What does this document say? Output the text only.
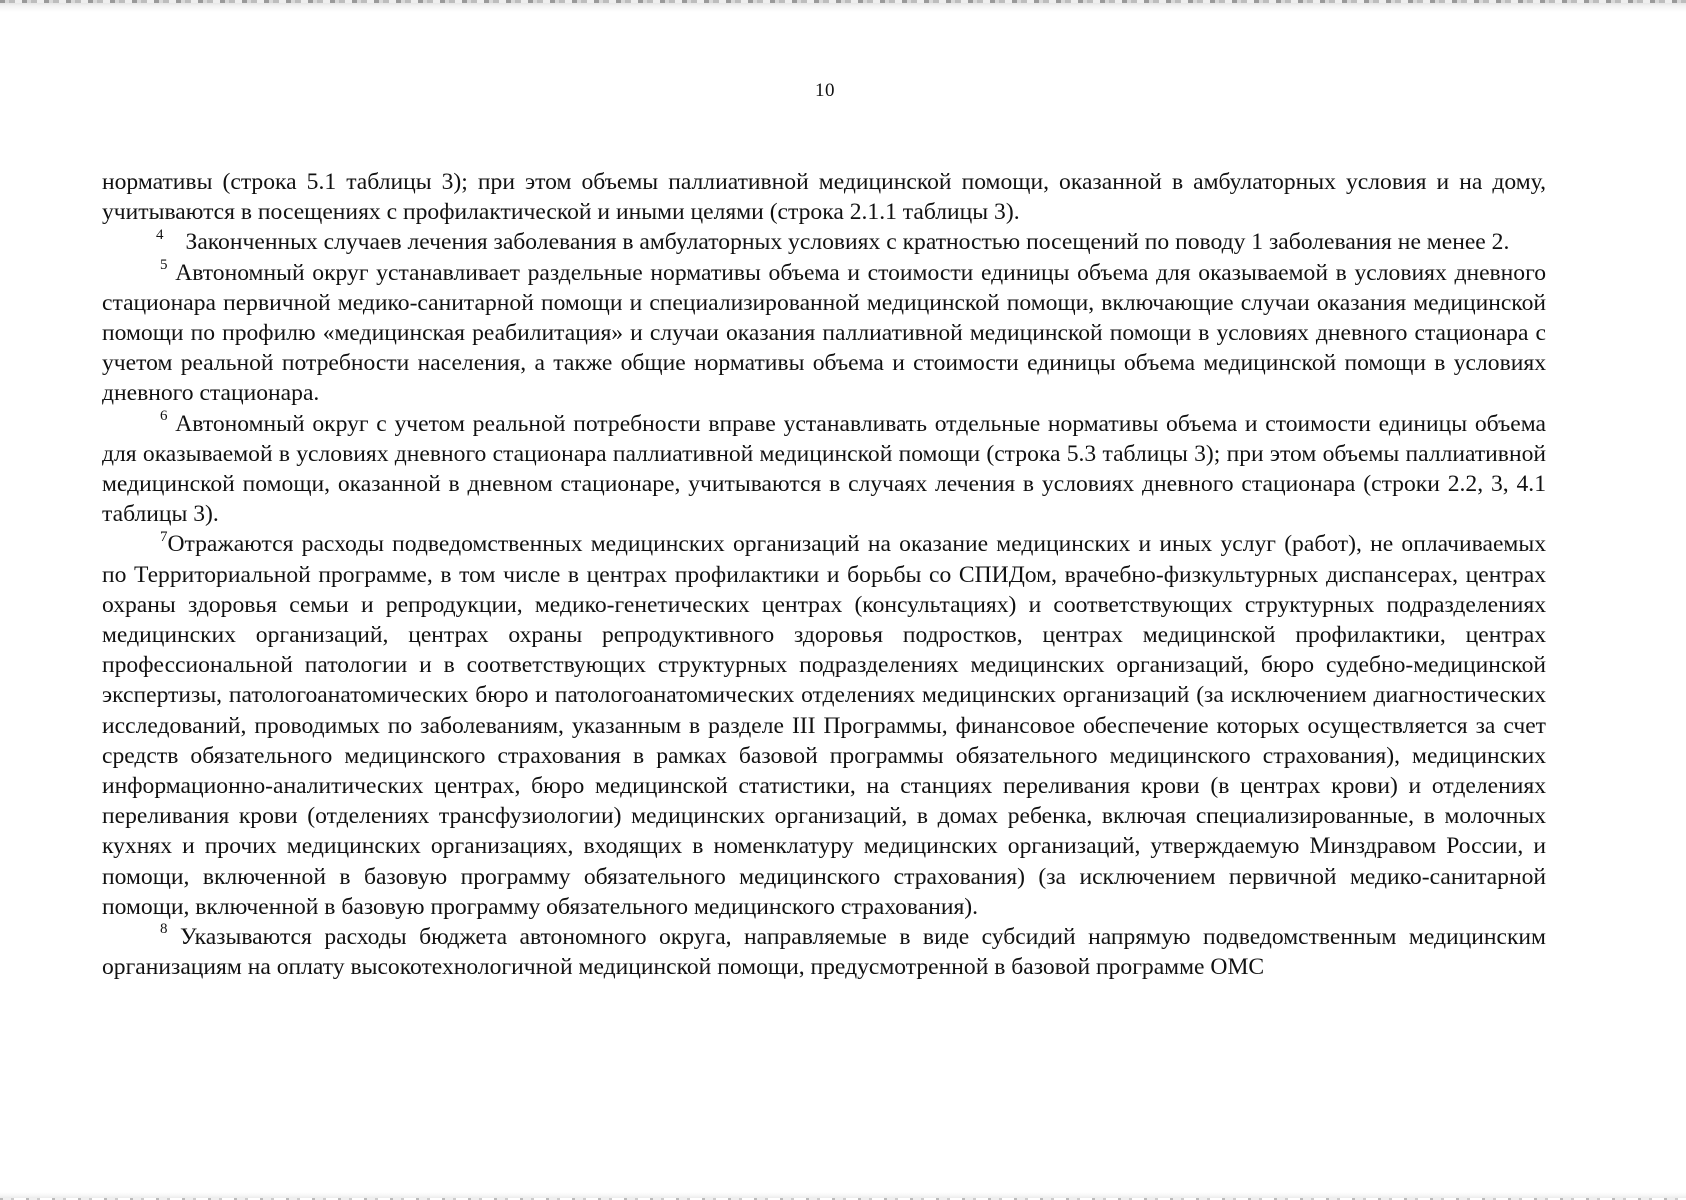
10

нормативы (строка 5.1 таблицы 3); при этом объемы паллиативной медицинской помощи, оказанной в амбулаторных условия и на дому, учитываются в посещениях с профилактической и иными целями (строка 2.1.1 таблицы 3).

$^4$ Законченных случаев лечения заболевания в амбулаторных условиях с кратностью посещений по поводу 1 заболевания не менее 2.

$^5$ Автономный округ устанавливает раздельные нормативы объема и стоимости единицы объема для оказываемой в условиях дневного стационара первичной медико-санитарной помощи и специализированной медицинской помощи, включающие случаи оказания медицинской помощи по профилю «медицинская реабилитация» и случаи оказания паллиативной медицинской помощи в условиях дневного стационара с учетом реальной потребности населения, а также общие нормативы объема и стоимости единицы объема медицинской помощи в условиях дневного стационара.

$^6$ Автономный округ с учетом реальной потребности вправе устанавливать отдельные нормативы объема и стоимости единицы объема для оказываемой в условиях дневного стационара паллиативной медицинской помощи (строка 5.3 таблицы 3); при этом объемы паллиативной медицинской помощи, оказанной в дневном стационаре, учитываются в случаях лечения в условиях дневного стационара (строки 2.2, 3, 4.1 таблицы 3).

$^7$Отражаются расходы подведомственных медицинских организаций на оказание медицинских и иных услуг (работ), не оплачиваемых по Территориальной программе, в том числе в центрах профилактики и борьбы со СПИДом, врачебно-физкультурных диспансерах, центрах охраны здоровья семьи и репродукции, медико-генетических центрах (консультациях) и соответствующих структурных подразделениях медицинских организаций, центрах охраны репродуктивного здоровья подростков, центрах медицинской профилактики, центрах профессиональной патологии и в соответствующих структурных подразделениях медицинских организаций, бюро судебно-медицинской экспертизы, патологоанатомических бюро и патологоанатомических отделениях медицинских организаций (за исключением диагностических исследований, проводимых по заболеваниям, указанным в разделе III Программы, финансовое обеспечение которых осуществляется за счет средств обязательного медицинского страхования в рамках базовой программы обязательного медицинского страхования), медицинских информационно-аналитических центрах, бюро медицинской статистики, на станциях переливания крови (в центрах крови) и отделениях переливания крови (отделениях трансфузиологии) медицинских организаций, в домах ребенка, включая специализированные, в молочных кухнях и прочих медицинских организациях, входящих в номенклатуру медицинских организаций, утверждаемую Минздравом России, и помощи, включенной в базовую программу обязательного медицинского страхования) (за исключением первичной медико-санитарной помощи, включенной в базовую программу обязательного медицинского страхования).

$^8$ Указываются расходы бюджета автономного округа, направляемые в виде субсидий напрямую подведомственным медицинским организациям на оплату высокотехнологичной медицинской помощи, предусмотренной в базовой программе ОМС
